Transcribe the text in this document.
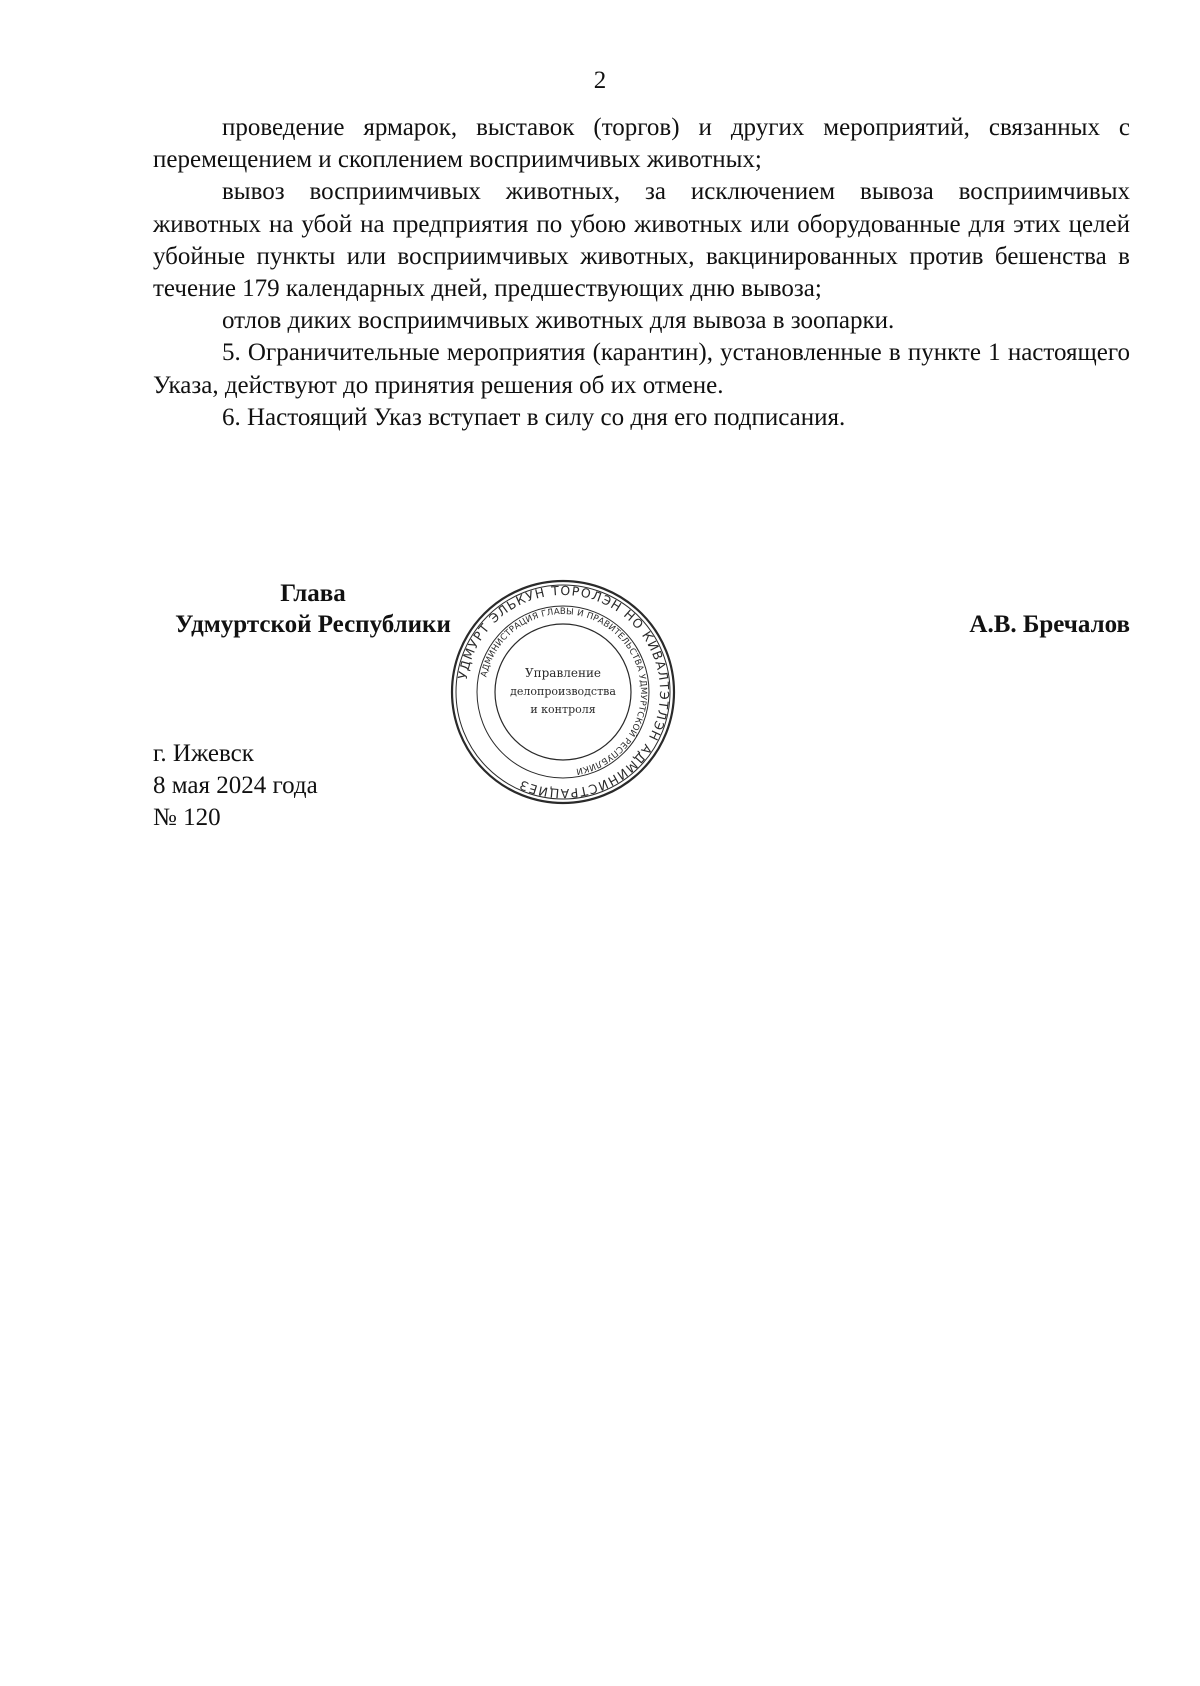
2

проведение ярмарок, выставок (торгов) и других мероприятий, связанных с перемещением и скоплением восприимчивых животных;

вывоз восприимчивых животных, за исключением вывоза восприимчивых животных на убой на предприятия по убою животных или оборудованные для этих целей убойные пункты или восприимчивых животных, вакцинированных против бешенства в течение 179 календарных дней, предшествующих дню вывоза;

отлов диких восприимчивых животных для вывоза в зоопарки.

5. Ограничительные мероприятия (карантин), установленные в пункте 1 настоящего Указа, действуют до принятия решения об их отмене.

6. Настоящий Указ вступает в силу со дня его подписания.

Глава
Удмуртской Республики	А.В. Бречалов
УДМУРТ ЭЛЬКУН ТОРОЛЭН НО КИВАЛТЭТЛЭН АДМИНИСТРАЦИЕЗ
АДМИНИСТРАЦИЯ ГЛАВЫ И ПРАВИТЕЛЬСТВА УДМУРТСКОЙ РЕСПУБЛИКИ
Управление
делопроизводства
и контроля
г. Ижевск
8 мая 2024 года
№ 120
